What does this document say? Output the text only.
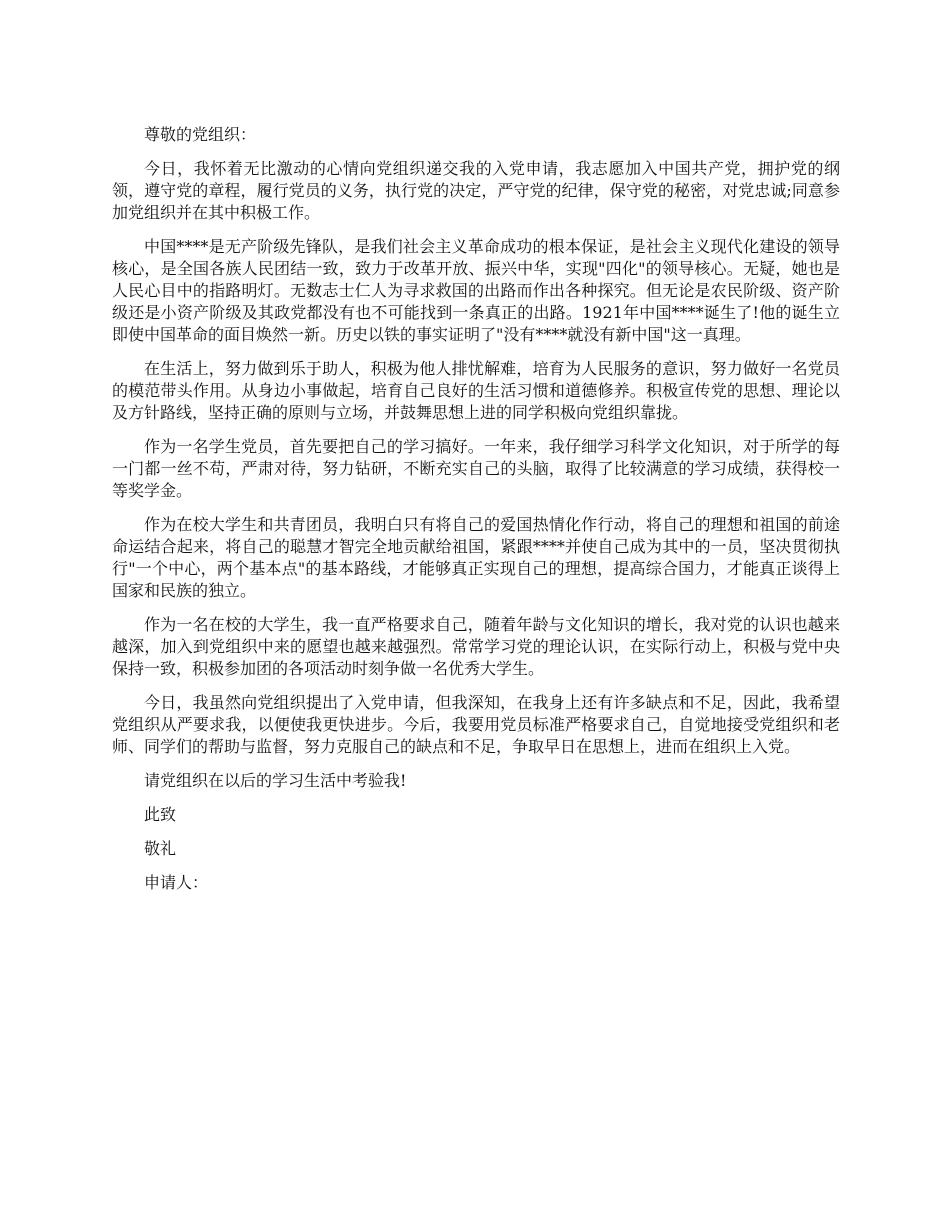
尊敬的党组织：

今日，我怀着无比激动的心情向党组织递交我的入党申请，我志愿加入中国共产党，拥护党的纲领，遵守党的章程，履行党员的义务，执行党的决定，严守党的纪律，保守党的秘密，对党忠诚;同意参加党组织并在其中积极工作。

中国****是无产阶级先锋队，是我们社会主义革命成功的根本保证，是社会主义现代化建设的领导核心，是全国各族人民团结一致，致力于改革开放、振兴中华，实现"四化"的领导核心。无疑，她也是人民心目中的指路明灯。无数志士仁人为寻求救国的出路而作出各种探究。但无论是农民阶级、资产阶级还是小资产阶级及其政党都没有也不可能找到一条真正的出路。1921年中国****诞生了!他的诞生立即使中国革命的面目焕然一新。历史以铁的事实证明了"没有****就没有新中国"这一真理。

在生活上，努力做到乐于助人，积极为他人排忧解难，培育为人民服务的意识，努力做好一名党员的模范带头作用。从身边小事做起，培育自己良好的生活习惯和道德修养。积极宣传党的思想、理论以及方针路线，坚持正确的原则与立场，并鼓舞思想上进的同学积极向党组织靠拢。

作为一名学生党员，首先要把自己的学习搞好。一年来，我仔细学习科学文化知识，对于所学的每一门都一丝不苟，严肃对待，努力钻研，不断充实自己的头脑，取得了比较满意的学习成绩，获得校一等奖学金。

作为在校大学生和共青团员，我明白只有将自己的爱国热情化作行动，将自己的理想和祖国的前途命运结合起来，将自己的聪慧才智完全地贡献给祖国，紧跟****并使自己成为其中的一员，坚决贯彻执行"一个中心，两个基本点"的基本路线，才能够真正实现自己的理想，提高综合国力，才能真正谈得上国家和民族的独立。

作为一名在校的大学生，我一直严格要求自己，随着年龄与文化知识的增长，我对党的认识也越来越深，加入到党组织中来的愿望也越来越强烈。常常学习党的理论认识，在实际行动上，积极与党中央保持一致，积极参加团的各项活动时刻争做一名优秀大学生。

今日，我虽然向党组织提出了入党申请，但我深知，在我身上还有许多缺点和不足，因此，我希望党组织从严要求我，以便使我更快进步。今后，我要用党员标准严格要求自己，自觉地接受党组织和老师、同学们的帮助与监督，努力克服自己的缺点和不足，争取早日在思想上，进而在组织上入党。

请党组织在以后的学习生活中考验我!

此致

敬礼

申请人：
